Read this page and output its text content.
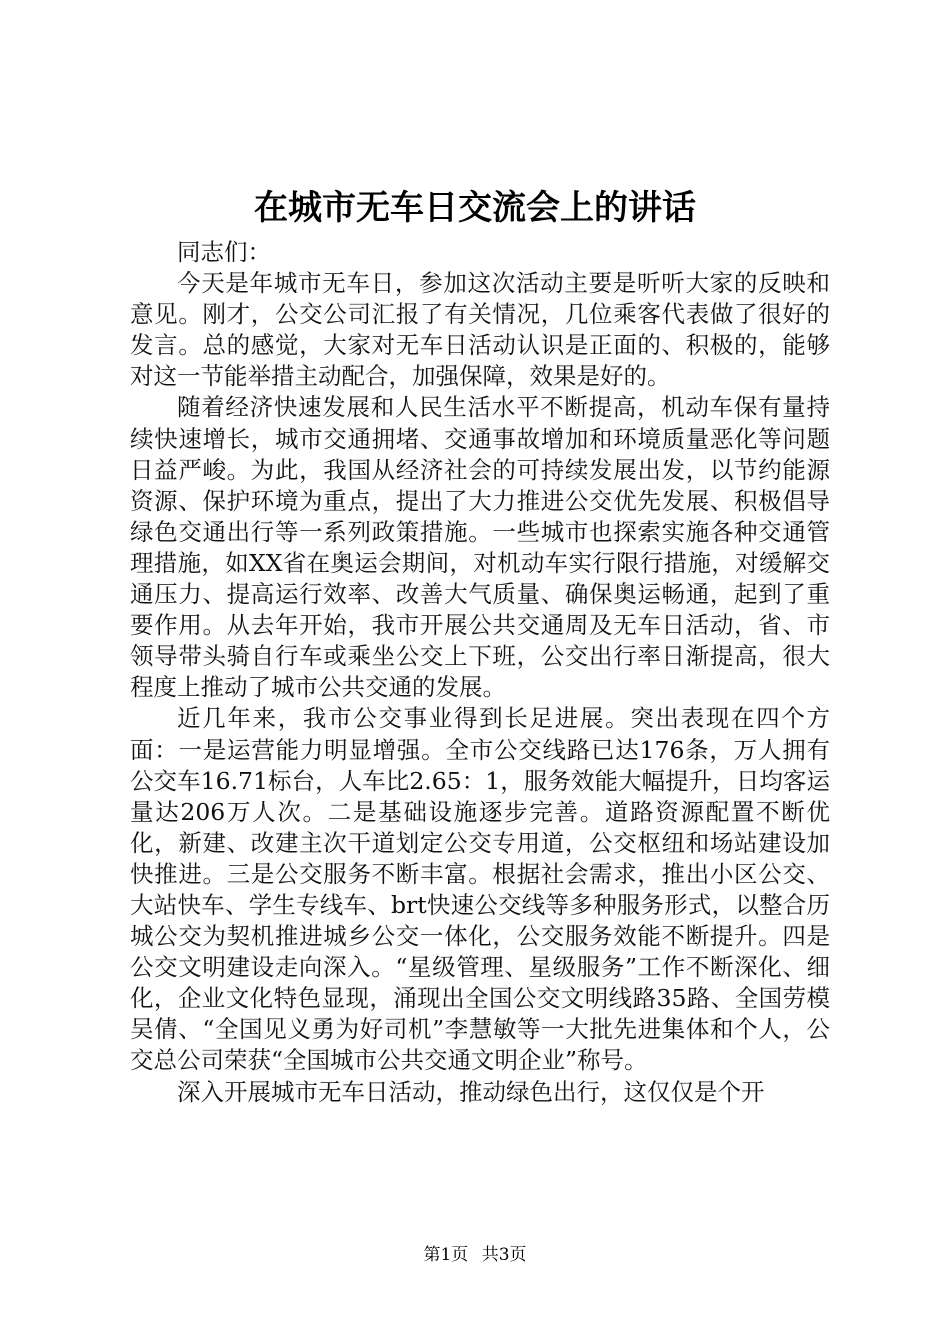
在城市无车日交流会上的讲话

同志们：

今天是年城市无车日，参加这次活动主要是听听大家的反映和意见。刚才，公交公司汇报了有关情况，几位乘客代表做了很好的发言。总的感觉，大家对无车日活动认识是正面的、积极的，能够对这一节能举措主动配合，加强保障，效果是好的。

随着经济快速发展和人民生活水平不断提高，机动车保有量持续快速增长，城市交通拥堵、交通事故增加和环境质量恶化等问题日益严峻。为此，我国从经济社会的可持续发展出发，以节约能源资源、保护环境为重点，提出了大力推进公交优先发展、积极倡导绿色交通出行等一系列政策措施。一些城市也探索实施各种交通管理措施，如XX省在奥运会期间，对机动车实行限行措施，对缓解交通压力、提高运行效率、改善大气质量、确保奥运畅通，起到了重要作用。从去年开始，我市开展公共交通周及无车日活动，省、市领导带头骑自行车或乘坐公交上下班，公交出行率日渐提高，很大程度上推动了城市公共交通的发展。

近几年来，我市公交事业得到长足进展。突出表现在四个方面：一是运营能力明显增强。全市公交线路已达176条，万人拥有公交车16.71标台，人车比2.65：1，服务效能大幅提升，日均客运量达206万人次。二是基础设施逐步完善。道路资源配置不断优化，新建、改建主次干道划定公交专用道，公交枢纽和场站建设加快推进。三是公交服务不断丰富。根据社会需求，推出小区公交、大站快车、学生专线车、brt快速公交线等多种服务形式，以整合历城公交为契机推进城乡公交一体化，公交服务效能不断提升。四是公交文明建设走向深入。“星级管理、星级服务”工作不断深化、细化，企业文化特色显现，涌现出全国公交文明线路35路、全国劳模吴倩、“全国见义勇为好司机”李慧敏等一大批先进集体和个人，公交总公司荣获“全国城市公共交通文明企业”称号。

深入开展城市无车日活动，推动绿色出行，这仅仅是个开

第1页 共3页
